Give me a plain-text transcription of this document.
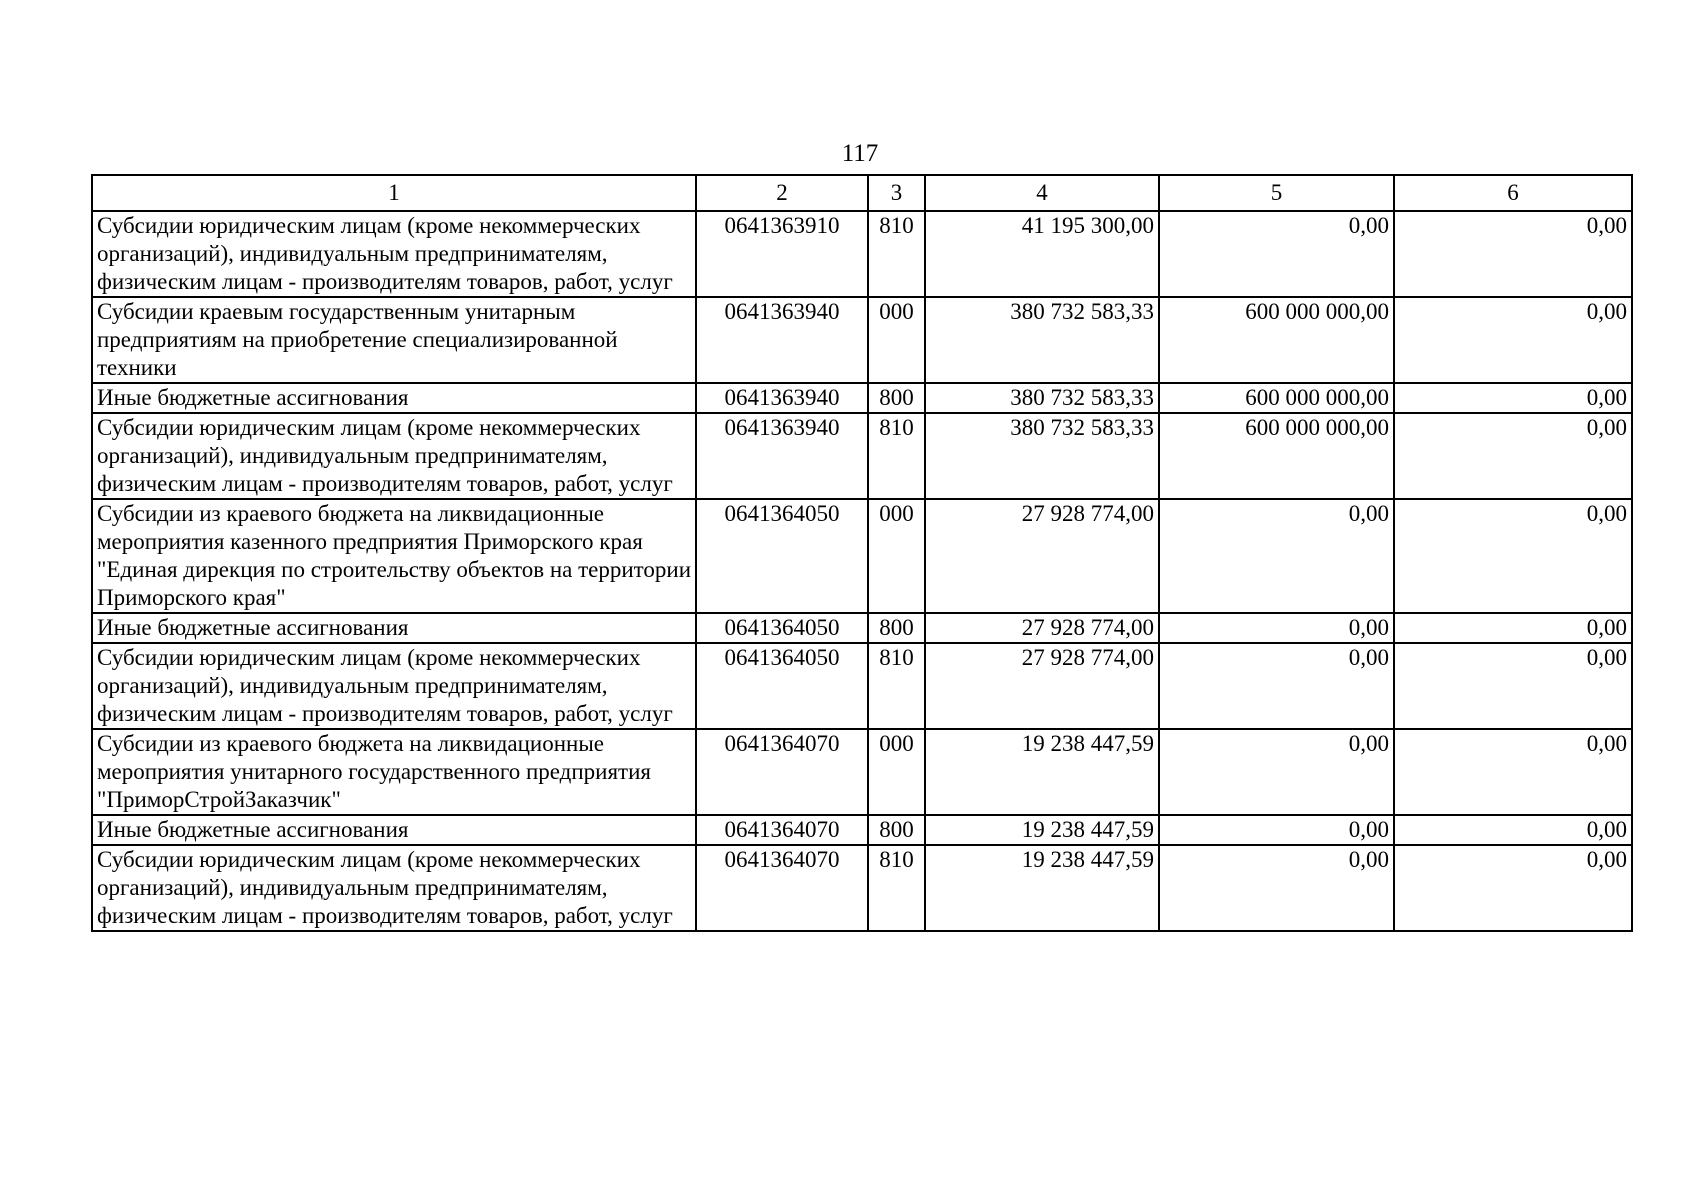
117
1	2	3	4	5	6
Субсидии юридическим лицам (кроме некоммерческих организаций), индивидуальным предпринимателям, физическим лицам - производителям товаров, работ, услуг	0641363910	810	41 195 300,00	0,00	0,00
Субсидии краевым государственным унитарным предприятиям на приобретение специализированной техники	0641363940	000	380 732 583,33	600 000 000,00	0,00
Иные бюджетные ассигнования	0641363940	800	380 732 583,33	600 000 000,00	0,00
Субсидии юридическим лицам (кроме некоммерческих организаций), индивидуальным предпринимателям, физическим лицам - производителям товаров, работ, услуг	0641363940	810	380 732 583,33	600 000 000,00	0,00
Субсидии из краевого бюджета на ликвидационные мероприятия казенного предприятия Приморского края "Единая дирекция по строительству объектов на территории Приморского края"	0641364050	000	27 928 774,00	0,00	0,00
Иные бюджетные ассигнования	0641364050	800	27 928 774,00	0,00	0,00
Субсидии юридическим лицам (кроме некоммерческих организаций), индивидуальным предпринимателям, физическим лицам - производителям товаров, работ, услуг	0641364050	810	27 928 774,00	0,00	0,00
Субсидии из краевого бюджета на ликвидационные мероприятия унитарного государственного предприятия "ПриморСтройЗаказчик"	0641364070	000	19 238 447,59	0,00	0,00
Иные бюджетные ассигнования	0641364070	800	19 238 447,59	0,00	0,00
Субсидии юридическим лицам (кроме некоммерческих организаций), индивидуальным предпринимателям, физическим лицам - производителям товаров, работ, услуг	0641364070	810	19 238 447,59	0,00	0,00
